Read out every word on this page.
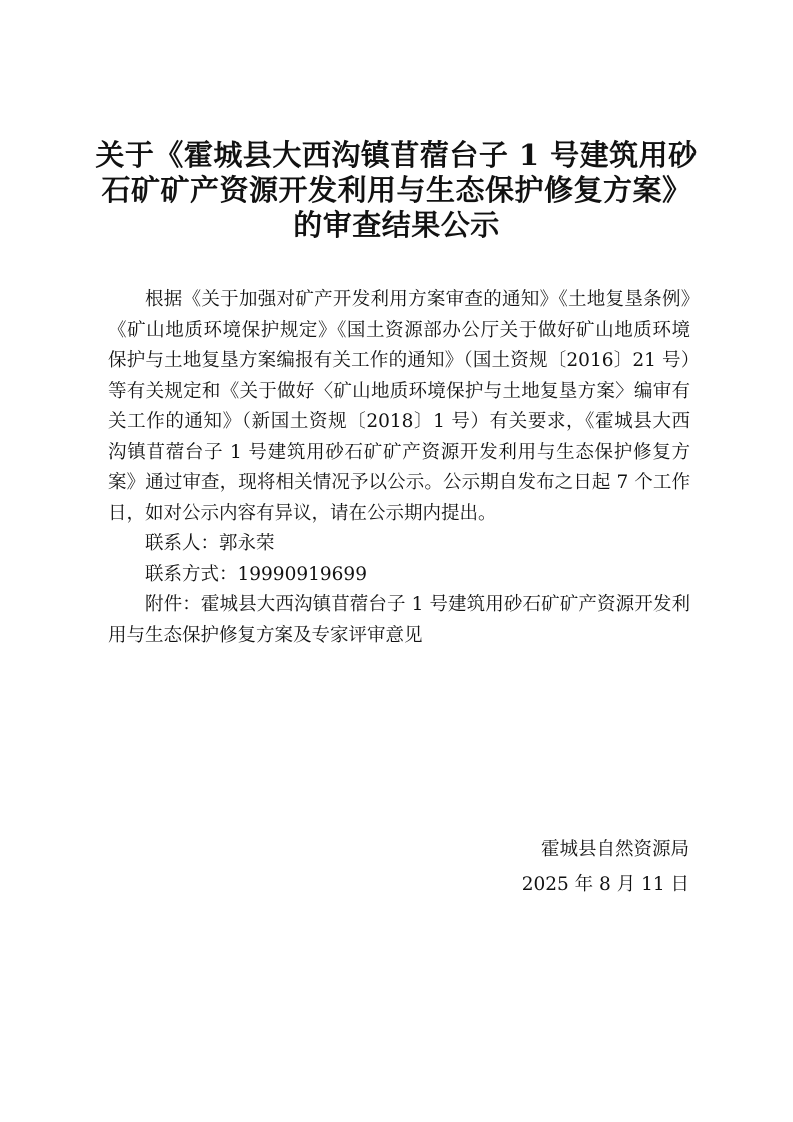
关于《霍城县大西沟镇苜蓿台子 1 号建筑用砂
石矿矿产资源开发利用与生态保护修复方案》
的审查结果公示

根据《关于加强对矿产开发利用方案审查的通知》《土地复垦条例》《矿山地质环境保护规定》《国土资源部办公厅关于做好矿山地质环境保护与土地复垦方案编报有关工作的通知》（国土资规〔2016〕21 号）等有关规定和《关于做好〈矿山地质环境保护与土地复垦方案〉编审有关工作的通知》（新国土资规〔2018〕1 号）有关要求，《霍城县大西沟镇苜蓿台子 1 号建筑用砂石矿矿产资源开发利用与生态保护修复方案》通过审查，现将相关情况予以公示。公示期自发布之日起 7 个工作日，如对公示内容有异议，请在公示期内提出。

联系人：郭永荣

联系方式：19990919699

附件：霍城县大西沟镇苜蓿台子 1 号建筑用砂石矿矿产资源开发利用与生态保护修复方案及专家评审意见

霍城县自然资源局
2025 年 8 月 11 日
